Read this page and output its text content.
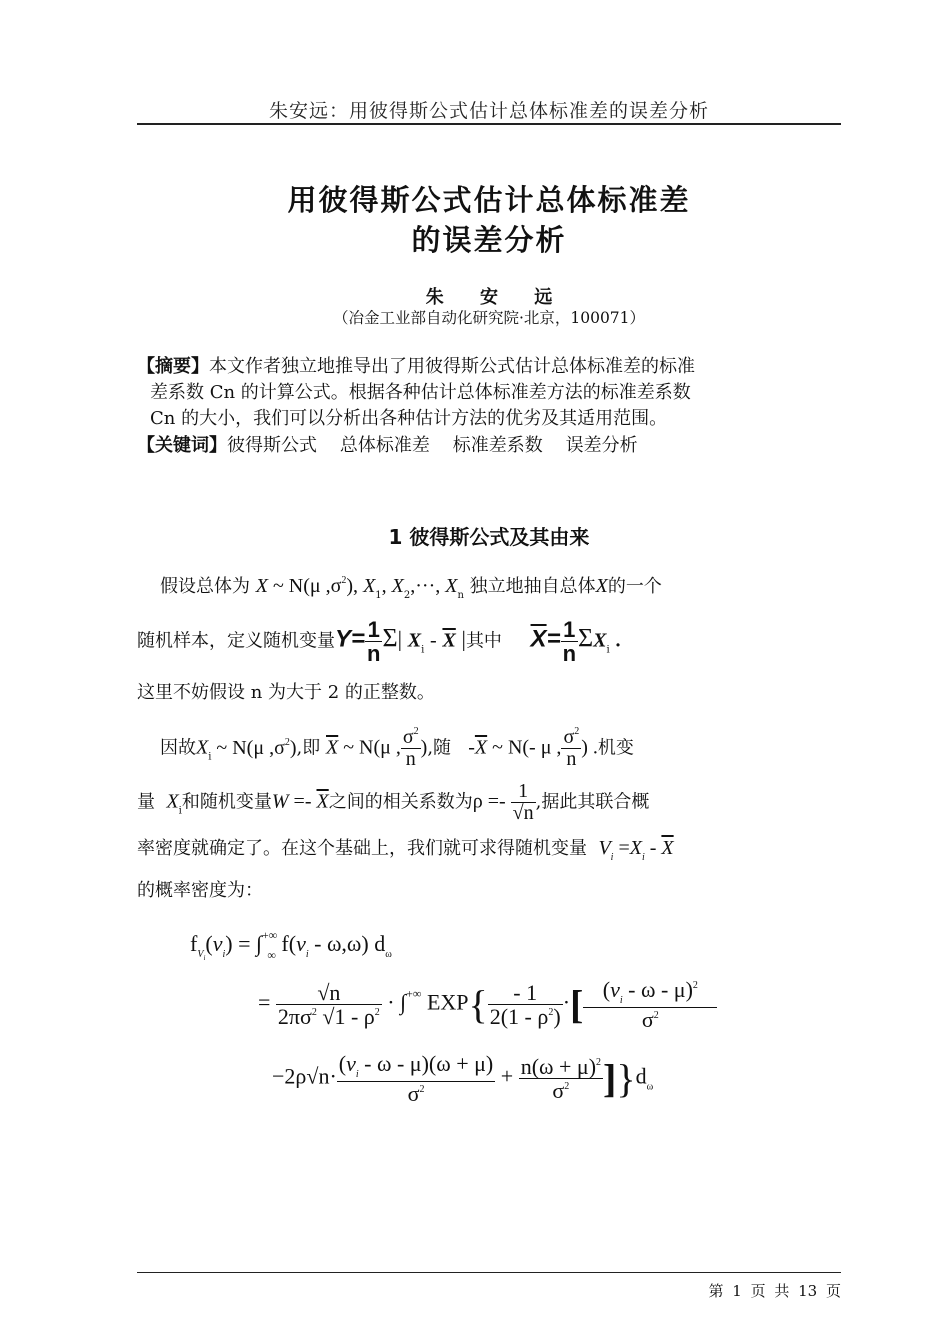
朱安远：用彼得斯公式估计总体标准差的误差分析
用彼得斯公式估计总体标准差
的误差分析
朱 安 远
（冶金工业部自动化研究院·北京，100071）
【摘要】本文作者独立地推导出了用彼得斯公式估计总体标准差的标准
差系数 Cn 的计算公式。根据各种估计总体标准差方法的标准差系数
Cn 的大小，我们可以分析出各种估计方法的优劣及其适用范围。
【关键词】彼得斯公式 总体标准差 标准差系数 误差分析
1 彼得斯公式及其由来
假设总体为 X ~ N(μ $,\sigma^2$), $X_1$, $X_2,\cdot\cdot\cdot$, $X_n$ 独立地抽自总体X的一个
随机样本，定义随机变量$Y= \frac{1}{n} \Sigma|$ $X_i - \overline{X}$ |其中 $\overline{X}= \frac{1}{n} \Sigma X_i$ .
这里不妨假设 n 为大于 2 的正整数。
因故$X_i$ ~ N(μ $,\sigma^2$),即 $\overline{X}$ ~ N(μ , $\frac{\sigma^2}{n}$ ),随 $-\overline{X}$ ~ N(- μ , $\frac{\sigma^2}{n}$ ) .机变
量 $X_i$和随机变量$W =- \overline{X}$之间的相关系数为$\rho =- \frac{1}{√n}$ ,据此其联合概
率密度就确定了。在这个基础上，我们就可求得随机变量 $V_i =X_i - \overline{X}$
的概率密度为：
$f_{V_i}(\nu_i) = \int^{+\infty}_\infty$ $f(\nu_i - \omega,\omega)$ $d_\omega$
= $\frac{√n}{2\pi\sigma^2 √1 - \rho^2} \cdot \int^{+\infty}$ $EXP\{ \frac{- 1}{2(1 - \rho^2)}$ ·[ $\frac{(\nu_i - \omega - \mu)^2}{\sigma^2}$
$-2\rho√n\cdot \frac{(\nu_i - \omega - \mu)(\omega + \mu)}{\sigma^2} + \frac{n(\omega + \mu)^2}{\sigma^2} ]\}d_\omega$
第 1 页 共 13 页
